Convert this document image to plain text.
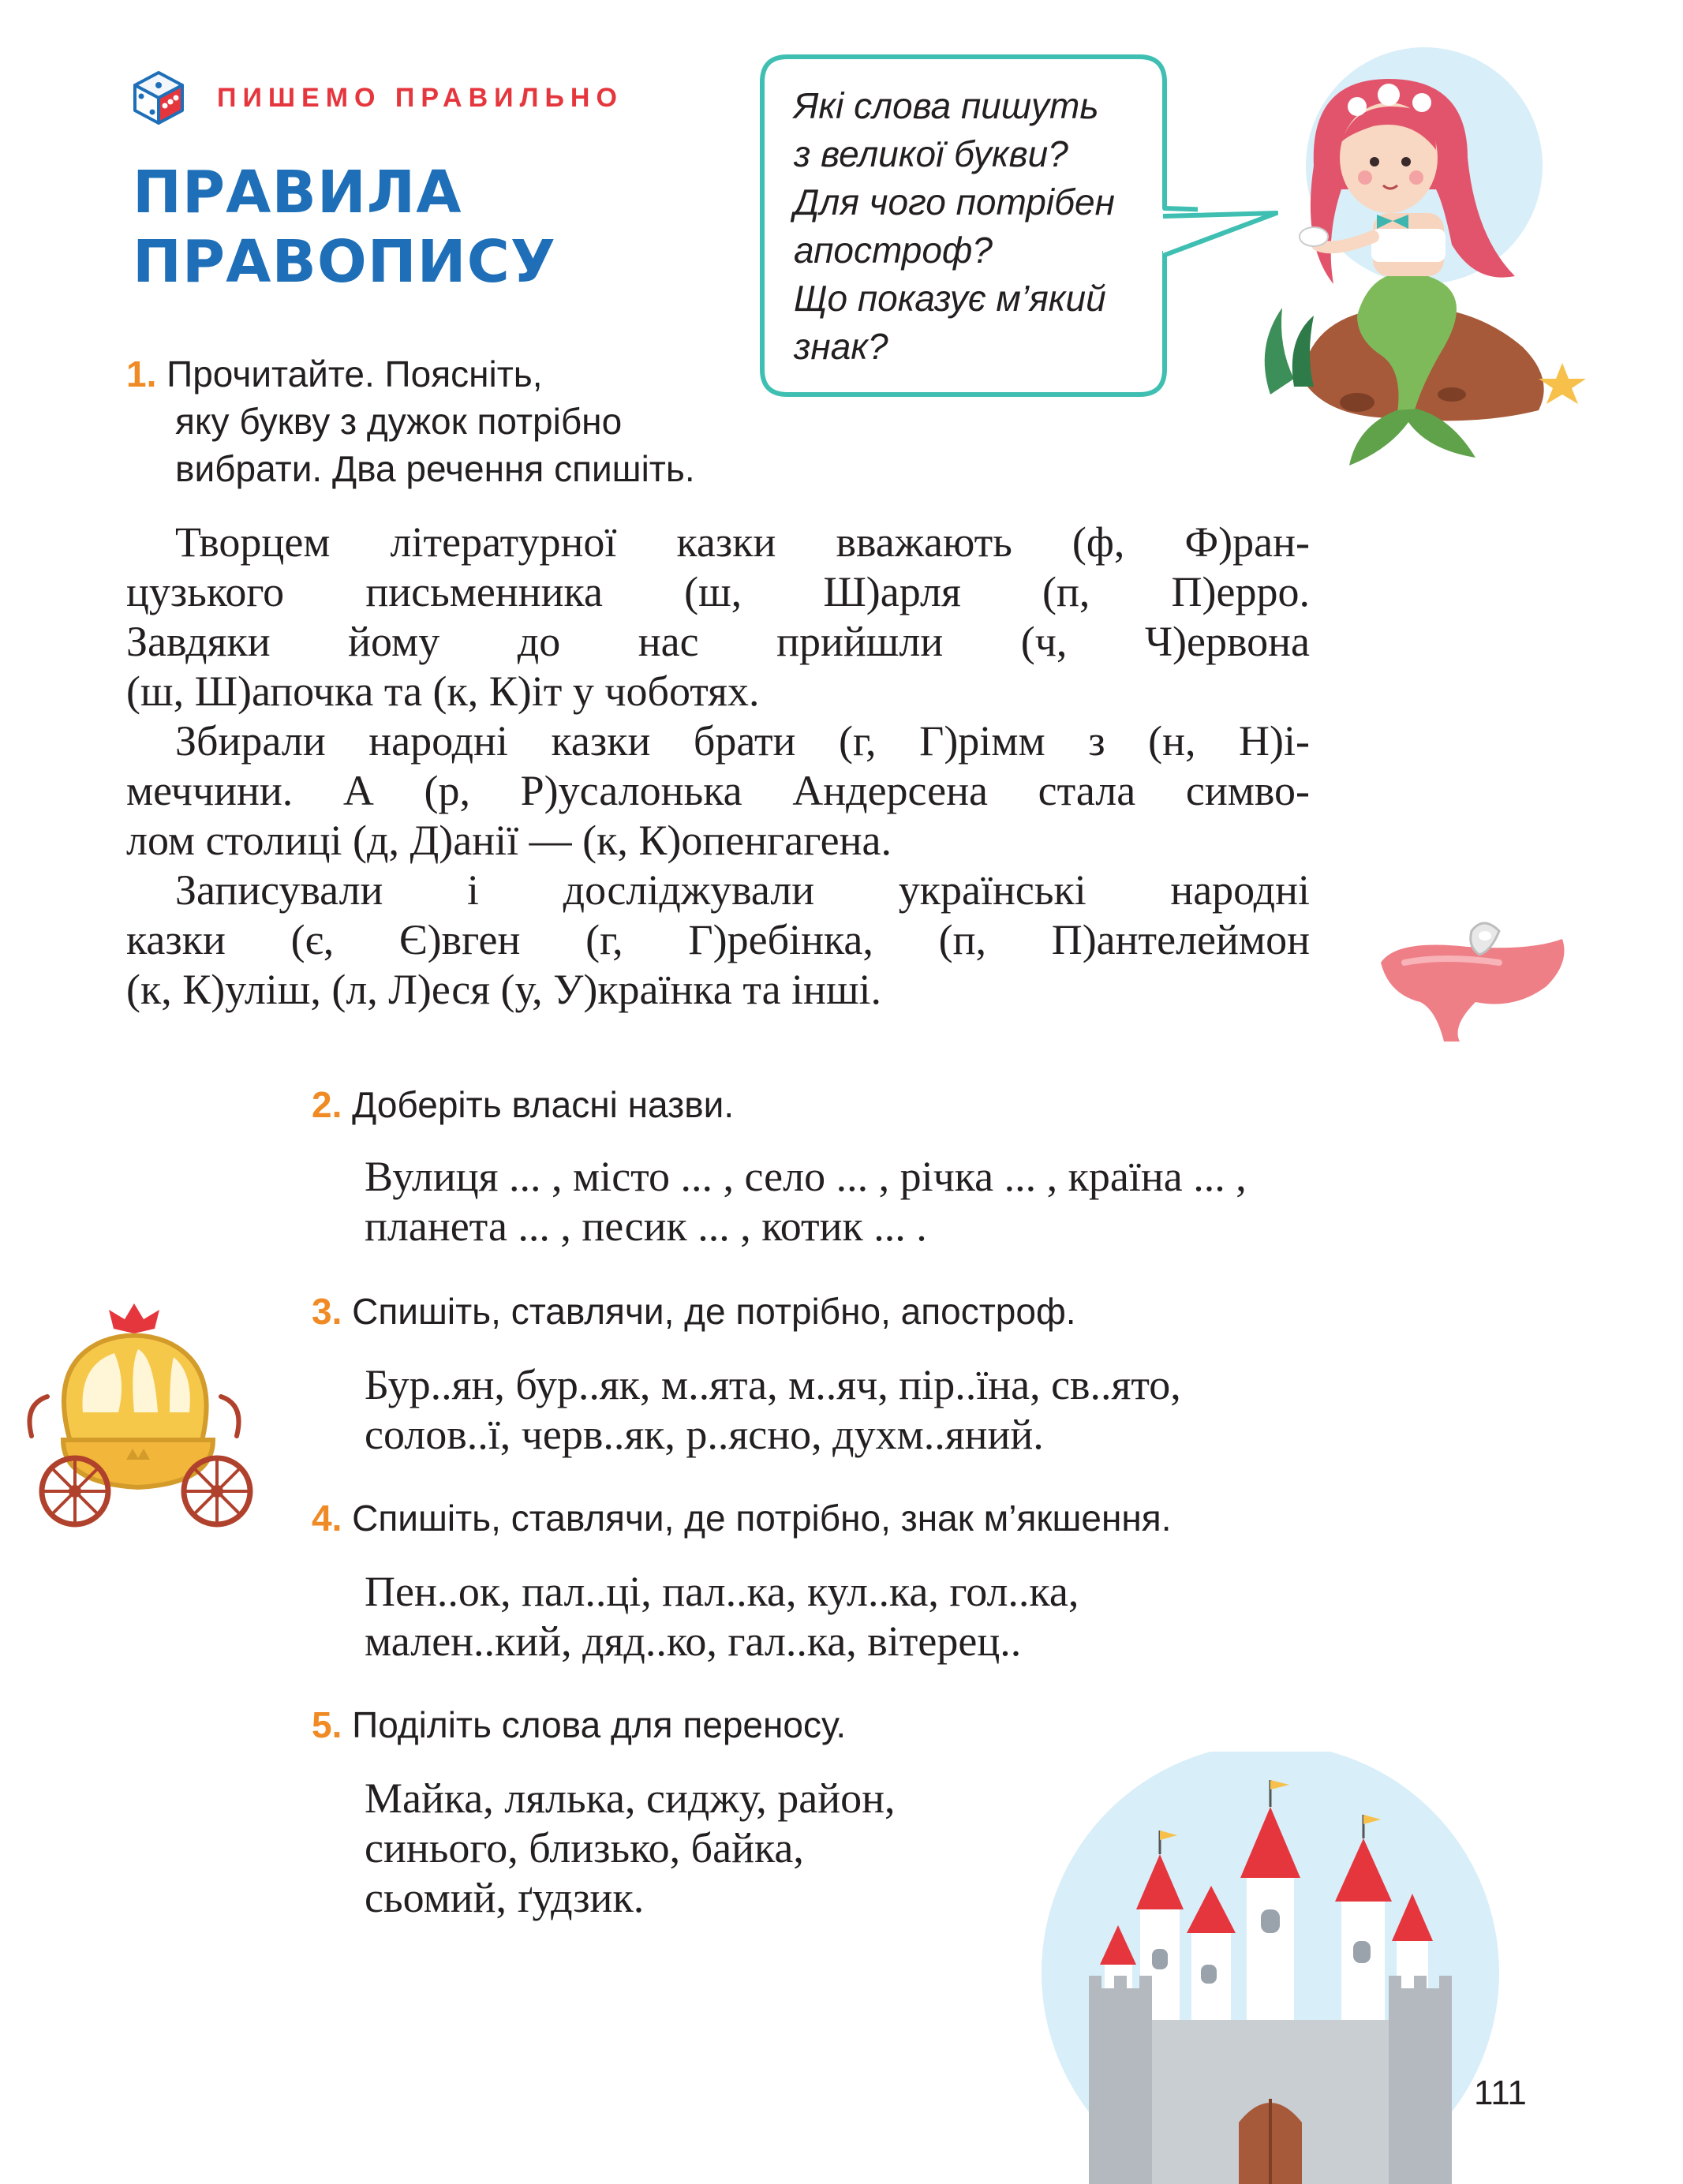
ПИШЕМО ПРАВИЛЬНО
ПРАВИЛА
ПРАВОПИСУ
Які слова пишуть
з великої букви?
Для чого потрібен
апостроф?
Що показує м’який
знак?
1. Прочитайте. Поясніть,
яку букву з дужок потрібно
вибрати. Два речення спишіть.
Творцем літературної казки вважають (ф, Ф)ран-
цузького письменника (ш, Ш)арля (п, П)ерро.
Завдяки йому до нас прийшли (ч, Ч)ервона
(ш, Ш)апочка та (к, К)іт у чоботях.
Збирали народні казки брати (г, Г)рімм з (н, Н)і-
меччини. А (р, Р)усалонька Андерсена стала симво-
лом столиці (д, Д)анії — (к, К)опенгагена.
Записували і досліджували українські народні
казки (є, Є)вген (г, Г)ребінка, (п, П)антелеймон
(к, К)уліш, (л, Л)еся (у, У)країнка та інші.
2. Доберіть власні назви.
Вулиця ... , місто ... , село ... , річка ... , країна ... ,
планета ... , песик ... , котик ... .
3. Спишіть, ставлячи, де потрібно, апостроф.
Бур..ян, бур..як, м..ята, м..яч, пір..їна, св..ято,
солов..ї, черв..як, р..ясно, духм..яний.
4. Спишіть, ставлячи, де потрібно, знак м’якшення.
Пен..ок, пал..ці, пал..ка, кул..ка, гол..ка,
мален..кий, дяд..ко, гал..ка, вітерец..
5. Поділіть слова для переносу.
Майка, лялька, сиджу, район,
синього, близько, байка,
сьомий, ґудзик.
111
